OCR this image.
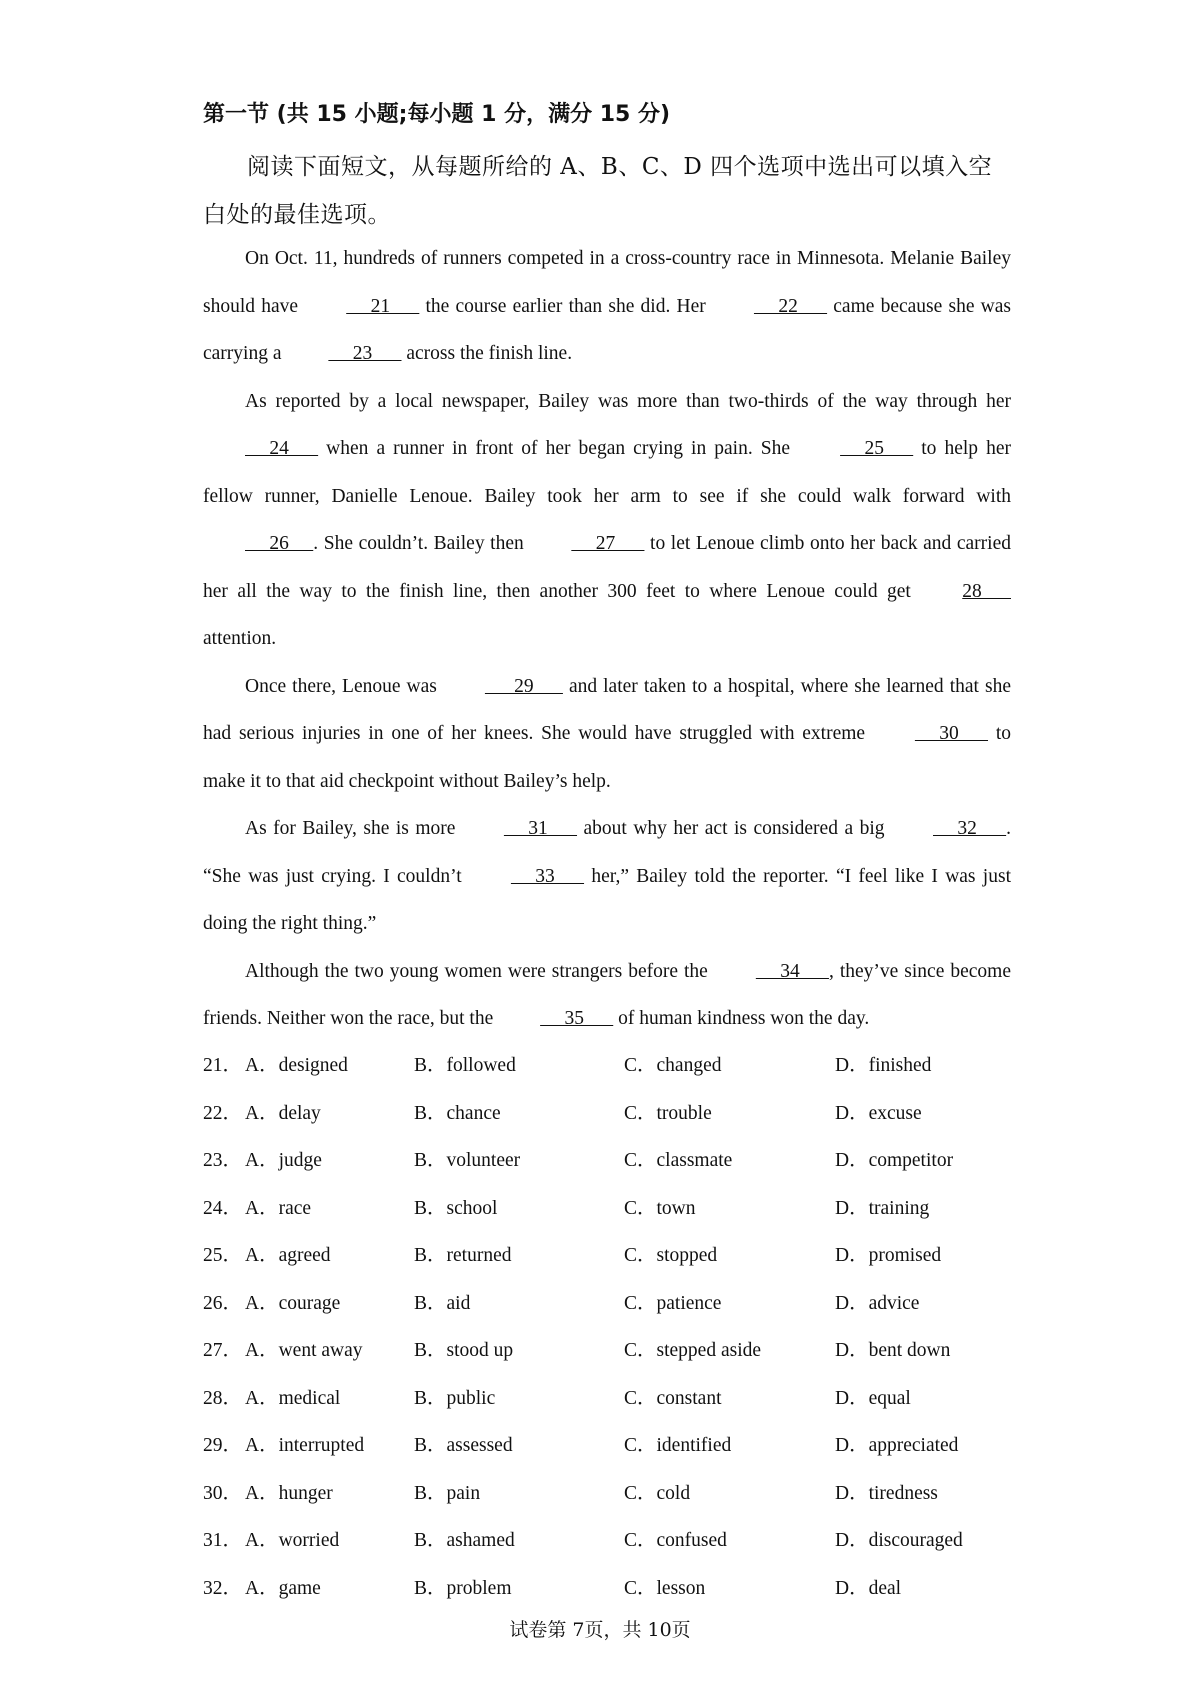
第一节 (共 15 小题;每小题 1 分，满分 15 分)
阅读下面短文，从每题所给的 A、B、C、D 四个选项中选出可以填入空白处的最佳选项。

On Oct. 11, hundreds of runners competed in a cross-country race in Minnesota. Melanie Bailey should have      21       the course earlier than she did. Her      22       came because she was carrying a      23       across the finish line.

As reported by a local newspaper, Bailey was more than two-thirds of the way through her      24       when a runner in front of her began crying in pain. She      25       to help her fellow runner, Danielle Lenoue. Bailey took her arm to see if she could walk forward with      26     . She couldn’t. Bailey then      27       to let Lenoue climb onto her back and carried her all the way to the finish line, then another 300 feet to where Lenoue could get 28       attention.

Once there, Lenoue was       29       and later taken to a hospital, where she learned that she had serious injuries in one of her knees. She would have struggled with extreme      30       to make it to that aid checkpoint without Bailey’s help.

As for Bailey, she is more      31       about why her act is considered a big      32      . “She was just crying. I couldn’t      33       her,” Bailey told the reporter. “I feel like I was just doing the right thing.”

Although the two young women were strangers before the      34      , they’ve since become friends. Neither won the race, but the      35       of human kindness won the day.

21． A．designed	B．followed	C．changed	D．finished
22． A．delay	B．chance	C．trouble	D．excuse
23． A．judge	B．volunteer	C．classmate	D．competitor
24． A．race	B．school	C．town	D．training
25． A．agreed	B．returned	C．stopped	D．promised
26． A．courage	B．aid	C．patience	D．advice
27． A．went away	B．stood up	C．stepped aside	D．bent down
28． A．medical	B．public	C．constant	D．equal
29． A．interrupted	B．assessed	C．identified	D．appreciated
30． A．hunger	B．pain	C．cold	D．tiredness
31． A．worried	B．ashamed	C．confused	D．discouraged
32． A．game	B．problem	C．lesson	D．deal
试卷第 7页，共 10页
